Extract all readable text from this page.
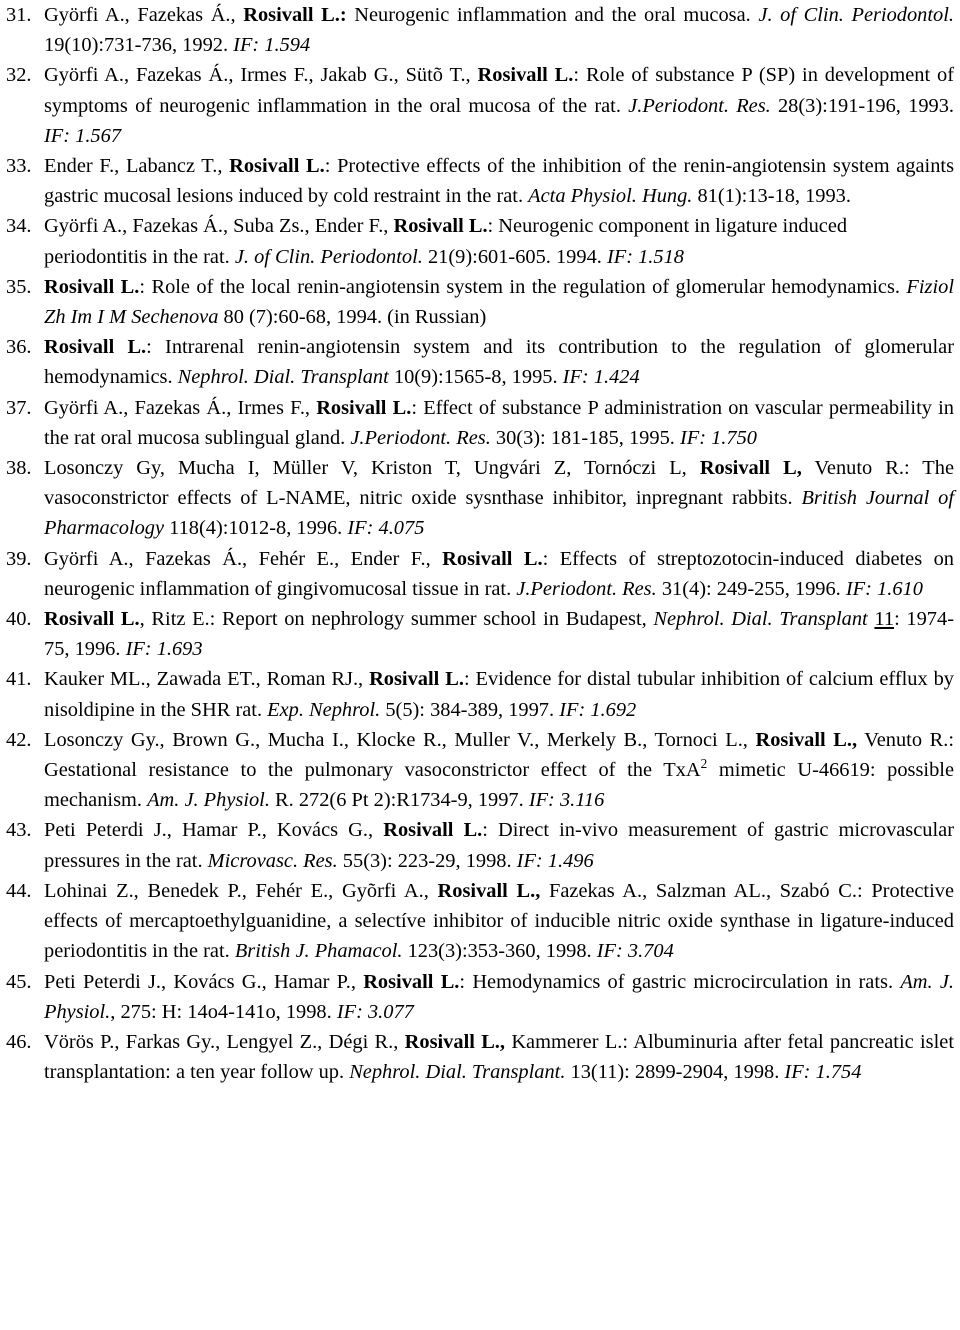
31. Györfi A., Fazekas Á., Rosivall L.: Neurogenic inflammation and the oral mucosa. J. of Clin. Periodontol. 19(10):731-736, 1992. IF: 1.594
32. Györfi A., Fazekas Á., Irmes F., Jakab G., Sütõ T., Rosivall L.: Role of substance P (SP) in development of symptoms of neurogenic inflammation in the oral mucosa of the rat. J.Periodont. Res. 28(3):191-196, 1993. IF: 1.567
33. Ender F., Labancz T., Rosivall L.: Protective effects of the inhibition of the renin-angiotensin system againts gastric mucosal lesions induced by cold restraint in the rat. Acta Physiol. Hung. 81(1):13-18, 1993.
34. Györfi A., Fazekas Á., Suba Zs., Ender F., Rosivall L.: Neurogenic component in ligature induced periodontitis in the rat. J. of Clin. Periodontol. 21(9):601-605. 1994. IF: 1.518
35. Rosivall L.: Role of the local renin-angiotensin system in the regulation of glomerular hemodynamics. Fiziol Zh Im I M Sechenova 80 (7):60-68, 1994. (in Russian)
36. Rosivall L.: Intrarenal renin-angiotensin system and its contribution to the regulation of glomerular hemodynamics. Nephrol. Dial. Transplant 10(9):1565-8, 1995. IF: 1.424
37. Györfi A., Fazekas Á., Irmes F., Rosivall L.: Effect of substance P administration on vascular permeability in the rat oral mucosa sublingual gland. J.Periodont. Res. 30(3): 181-185, 1995. IF: 1.750
38. Losonczy Gy, Mucha I, Müller V, Kriston T, Ungvári Z, Tornóczi L, Rosivall L, Venuto R.: The vasoconstrictor effects of L-NAME, nitric oxide sysnthase inhibitor, inpregnant rabbits. British Journal of Pharmacology 118(4):1012-8, 1996. IF: 4.075
39. Györfi A., Fazekas Á., Fehér E., Ender F., Rosivall L.: Effects of streptozotocin-induced diabetes on neurogenic inflammation of gingivomucosal tissue in rat. J.Periodont. Res. 31(4): 249-255, 1996. IF: 1.610
40. Rosivall L., Ritz E.: Report on nephrology summer school in Budapest, Nephrol. Dial. Transplant 11: 1974-75, 1996. IF: 1.693
41. Kauker ML., Zawada ET., Roman RJ., Rosivall L.: Evidence for distal tubular inhibition of calcium efflux by nisoldipine in the SHR rat. Exp. Nephrol. 5(5): 384-389, 1997. IF: 1.692
42. Losonczy Gy., Brown G., Mucha I., Klocke R., Muller V., Merkely B., Tornoci L., Rosivall L., Venuto R.: Gestational resistance to the pulmonary vasoconstrictor effect of the TxA$^2$ mimetic U-46619: possible mechanism. Am. J. Physiol. R. 272(6 Pt 2):R1734-9, 1997. IF: 3.116
43. Peti Peterdi J., Hamar P., Kovács G., Rosivall L.: Direct in-vivo measurement of gastric microvascular pressures in the rat. Microvasc. Res. 55(3): 223-29, 1998. IF: 1.496
44. Lohinai Z., Benedek P., Fehér E., Gyõrfi A., Rosivall L., Fazekas A., Salzman AL., Szabó C.: Protective effects of mercaptoethylguanidine, a selectíve inhibitor of inducible nitric oxide synthase in ligature-induced periodontitis in the rat. British J. Phamacol. 123(3):353-360, 1998. IF: 3.704
45. Peti Peterdi J., Kovács G., Hamar P., Rosivall L.: Hemodynamics of gastric microcirculation in rats. Am. J. Physiol., 275: H: 14o4-141o, 1998. IF: 3.077
46. Vörös P., Farkas Gy., Lengyel Z., Dégi R., Rosivall L., Kammerer L.: Albuminuria after fetal pancreatic islet transplantation: a ten year follow up. Nephrol. Dial. Transplant. 13(11): 2899-2904, 1998. IF: 1.754
